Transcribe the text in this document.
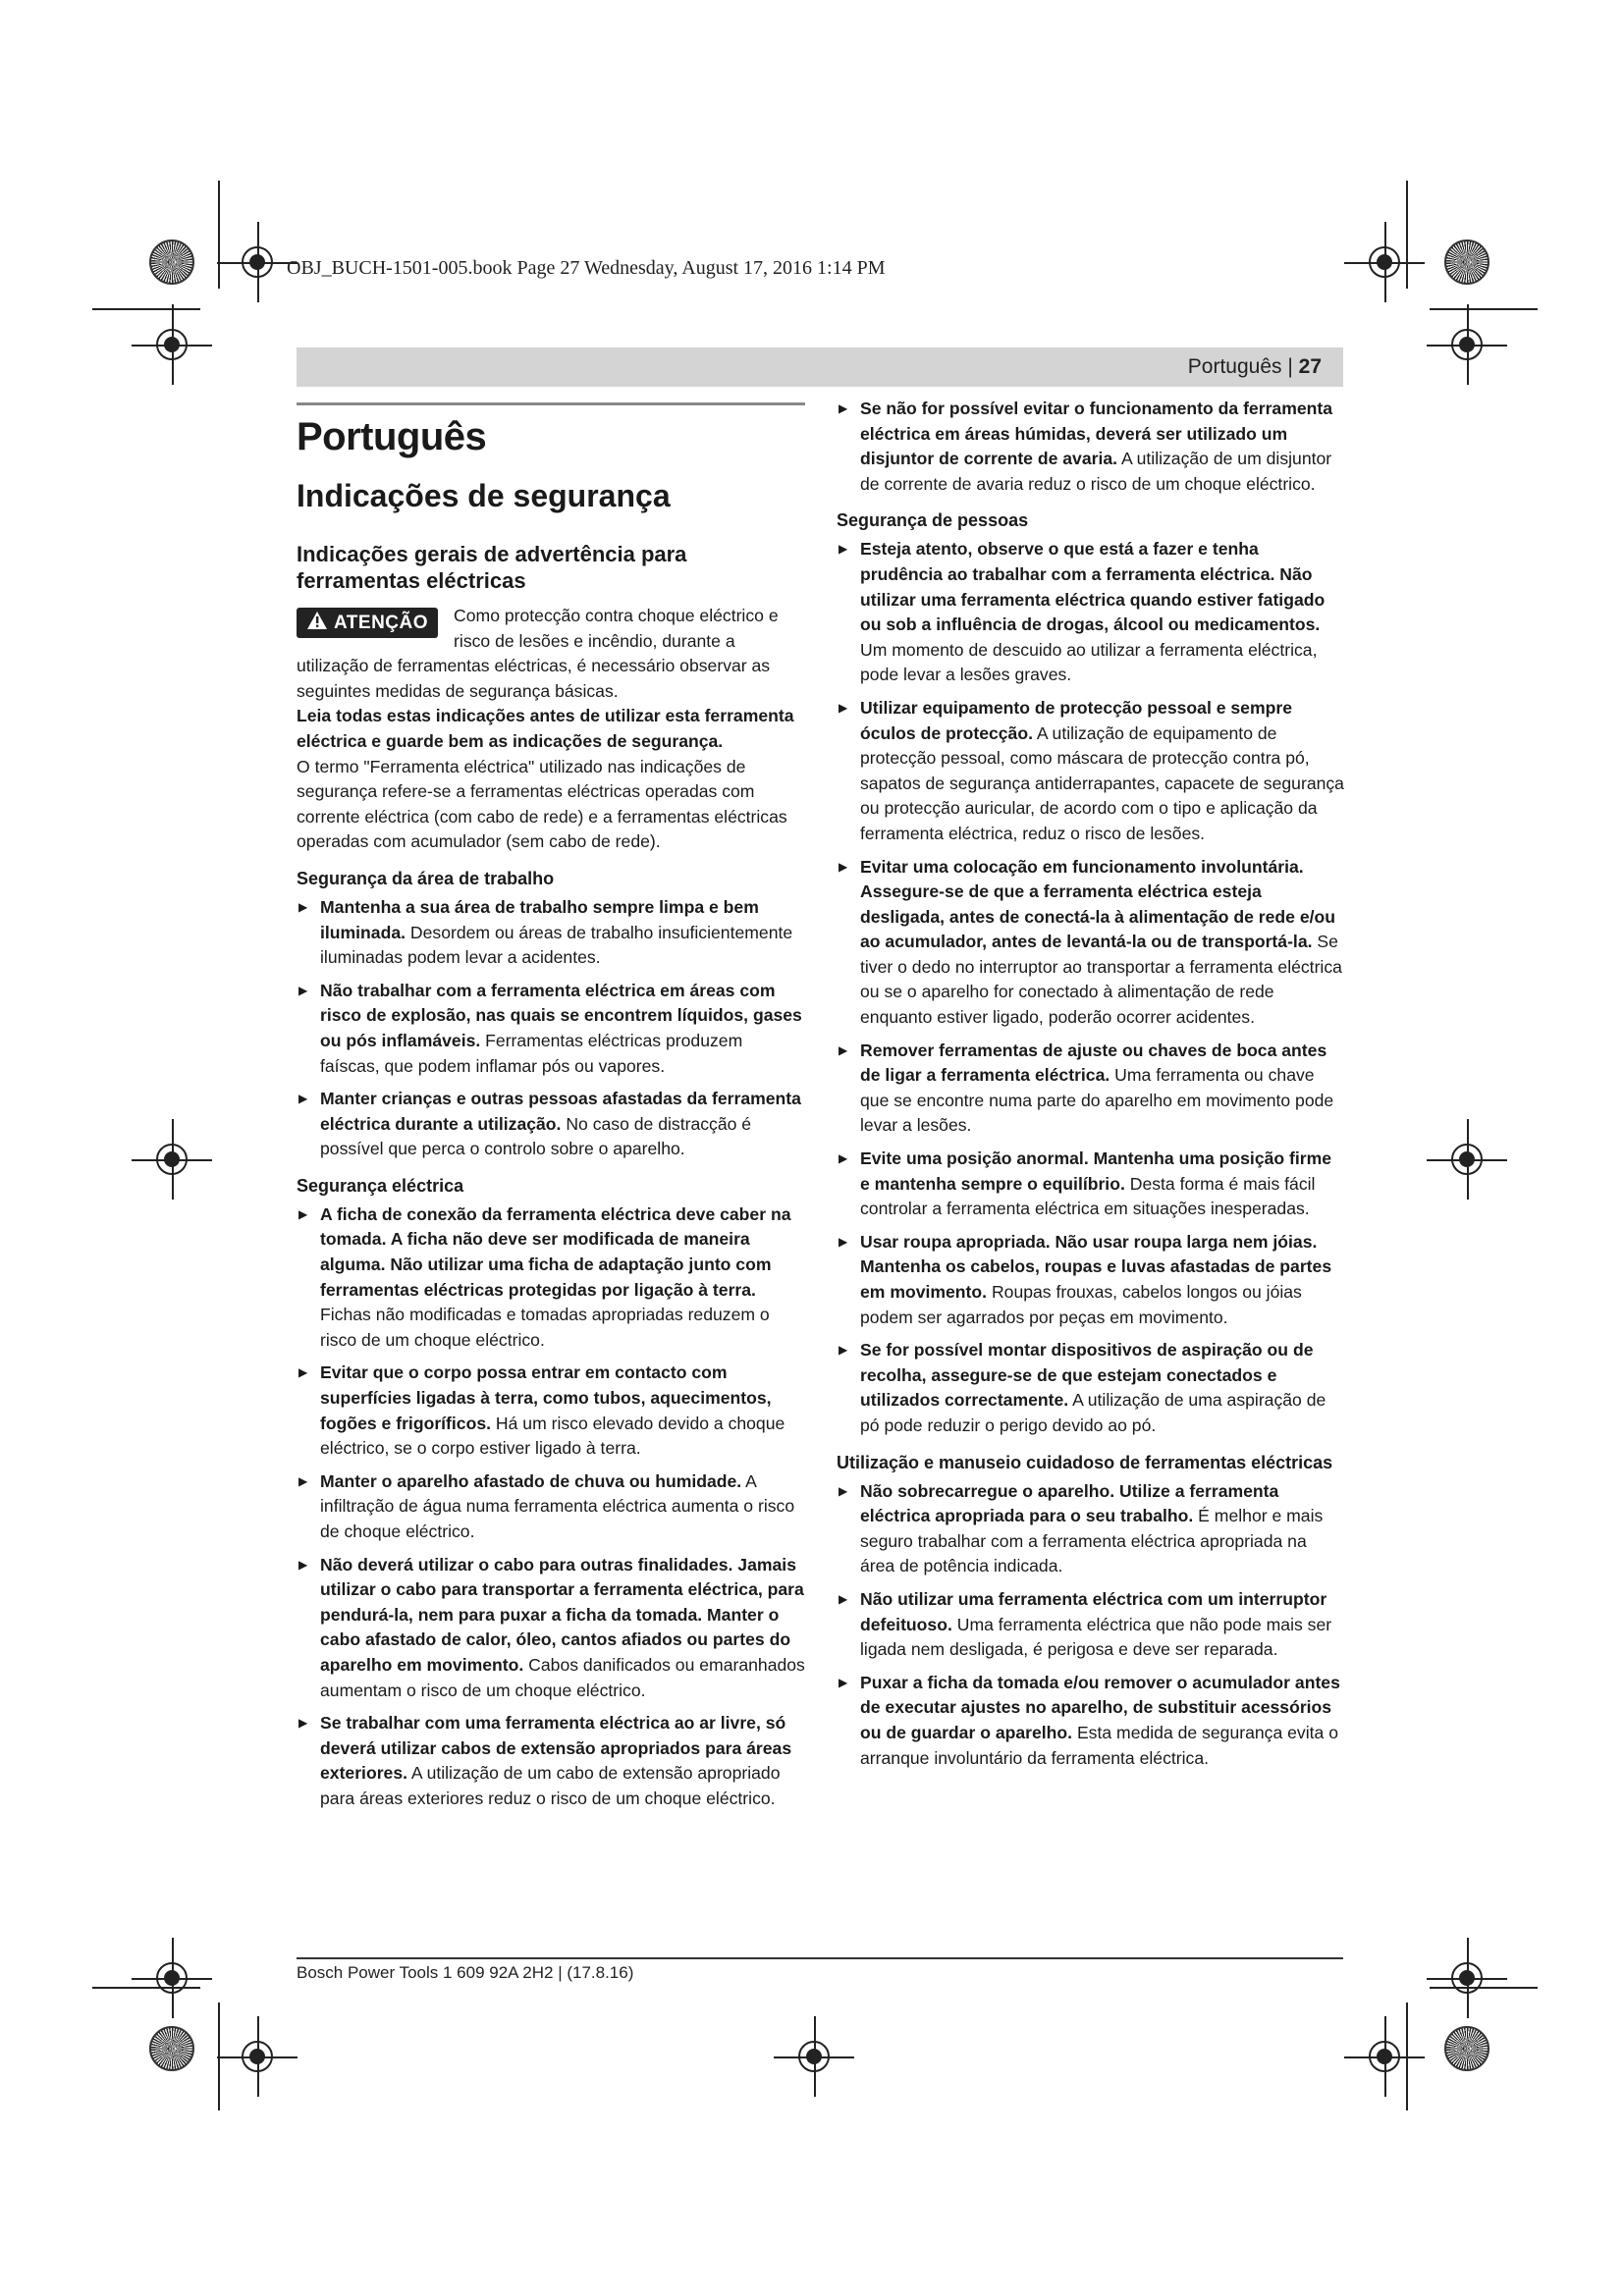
OBJ_BUCH-1501-005.book Page 27 Wednesday, August 17, 2016 1:14 PM
Português | 27
Português
Indicações de segurança
Indicações gerais de advertência para ferramentas eléctricas
ATENÇÃO	Como protecção contra choque eléctrico e risco de lesões e incêndio, durante a utilização de ferramentas eléctricas, é necessário observar as seguintes medidas de segurança básicas.

Leia todas estas indicações antes de utilizar esta ferramenta eléctrica e guarde bem as indicações de segurança.

O termo "Ferramenta eléctrica" utilizado nas indicações de segurança refere-se a ferramentas eléctricas operadas com corrente eléctrica (com cabo de rede) e a ferramentas eléctricas operadas com acumulador (sem cabo de rede).

Segurança da área de trabalho
▶ Mantenha a sua área de trabalho sempre limpa e bem iluminada. Desordem ou áreas de trabalho insuficientemente iluminadas podem levar a acidentes.
▶ Não trabalhar com a ferramenta eléctrica em áreas com risco de explosão, nas quais se encontrem líquidos, gases ou pós inflamáveis. Ferramentas eléctricas produzem faíscas, que podem inflamar pós ou vapores.
▶ Manter crianças e outras pessoas afastadas da ferramenta eléctrica durante a utilização. No caso de distracção é possível que perca o controlo sobre o aparelho.
Segurança eléctrica
▶ A ficha de conexão da ferramenta eléctrica deve caber na tomada. A ficha não deve ser modificada de maneira alguma. Não utilizar uma ficha de adaptação junto com ferramentas eléctricas protegidas por ligação à terra. Fichas não modificadas e tomadas apropriadas reduzem o risco de um choque eléctrico.
▶ Evitar que o corpo possa entrar em contacto com superfícies ligadas à terra, como tubos, aquecimentos, fogões e frigoríficos. Há um risco elevado devido a choque eléctrico, se o corpo estiver ligado à terra.
▶ Manter o aparelho afastado de chuva ou humidade. A infiltração de água numa ferramenta eléctrica aumenta o risco de choque eléctrico.
▶ Não deverá utilizar o cabo para outras finalidades. Jamais utilizar o cabo para transportar a ferramenta eléctrica, para pendurá-la, nem para puxar a ficha da tomada. Manter o cabo afastado de calor, óleo, cantos afiados ou partes do aparelho em movimento. Cabos danificados ou emaranhados aumentam o risco de um choque eléctrico.
▶ Se trabalhar com uma ferramenta eléctrica ao ar livre, só deverá utilizar cabos de extensão apropriados para áreas exteriores. A utilização de um cabo de extensão apropriado para áreas exteriores reduz o risco de um choque eléctrico.
▶ Se não for possível evitar o funcionamento da ferramenta eléctrica em áreas húmidas, deverá ser utilizado um disjuntor de corrente de avaria. A utilização de um disjuntor de corrente de avaria reduz o risco de um choque eléctrico.
Segurança de pessoas
▶ Esteja atento, observe o que está a fazer e tenha prudência ao trabalhar com a ferramenta eléctrica. Não utilizar uma ferramenta eléctrica quando estiver fatigado ou sob a influência de drogas, álcool ou medicamentos. Um momento de descuido ao utilizar a ferramenta eléctrica, pode levar a lesões graves.
▶ Utilizar equipamento de protecção pessoal e sempre óculos de protecção. A utilização de equipamento de protecção pessoal, como máscara de protecção contra pó, sapatos de segurança antiderrapantes, capacete de segurança ou protecção auricular, de acordo com o tipo e aplicação da ferramenta eléctrica, reduz o risco de lesões.
▶ Evitar uma colocação em funcionamento involuntária. Assegure-se de que a ferramenta eléctrica esteja desligada, antes de conectá-la à alimentação de rede e/ou ao acumulador, antes de levantá-la ou de transportá-la. Se tiver o dedo no interruptor ao transportar a ferramenta eléctrica ou se o aparelho for conectado à alimentação de rede enquanto estiver ligado, poderão ocorrer acidentes.
▶ Remover ferramentas de ajuste ou chaves de boca antes de ligar a ferramenta eléctrica. Uma ferramenta ou chave que se encontre numa parte do aparelho em movimento pode levar a lesões.
▶ Evite uma posição anormal. Mantenha uma posição firme e mantenha sempre o equilíbrio. Desta forma é mais fácil controlar a ferramenta eléctrica em situações inesperadas.
▶ Usar roupa apropriada. Não usar roupa larga nem jóias. Mantenha os cabelos, roupas e luvas afastadas de partes em movimento. Roupas frouxas, cabelos longos ou jóias podem ser agarrados por peças em movimento.
▶ Se for possível montar dispositivos de aspiração ou de recolha, assegure-se de que estejam conectados e utilizados correctamente. A utilização de uma aspiração de pó pode reduzir o perigo devido ao pó.
Utilização e manuseio cuidadoso de ferramentas eléctricas
▶ Não sobrecarregue o aparelho. Utilize a ferramenta eléctrica apropriada para o seu trabalho. É melhor e mais seguro trabalhar com a ferramenta eléctrica apropriada na área de potência indicada.
▶ Não utilizar uma ferramenta eléctrica com um interruptor defeituoso. Uma ferramenta eléctrica que não pode mais ser ligada nem desligada, é perigosa e deve ser reparada.
▶ Puxar a ficha da tomada e/ou remover o acumulador antes de executar ajustes no aparelho, de substituir acessórios ou de guardar o aparelho. Esta medida de segurança evita o arranque involuntário da ferramenta eléctrica.
Bosch Power Tools 1 609 92A 2H2 | (17.8.16)
